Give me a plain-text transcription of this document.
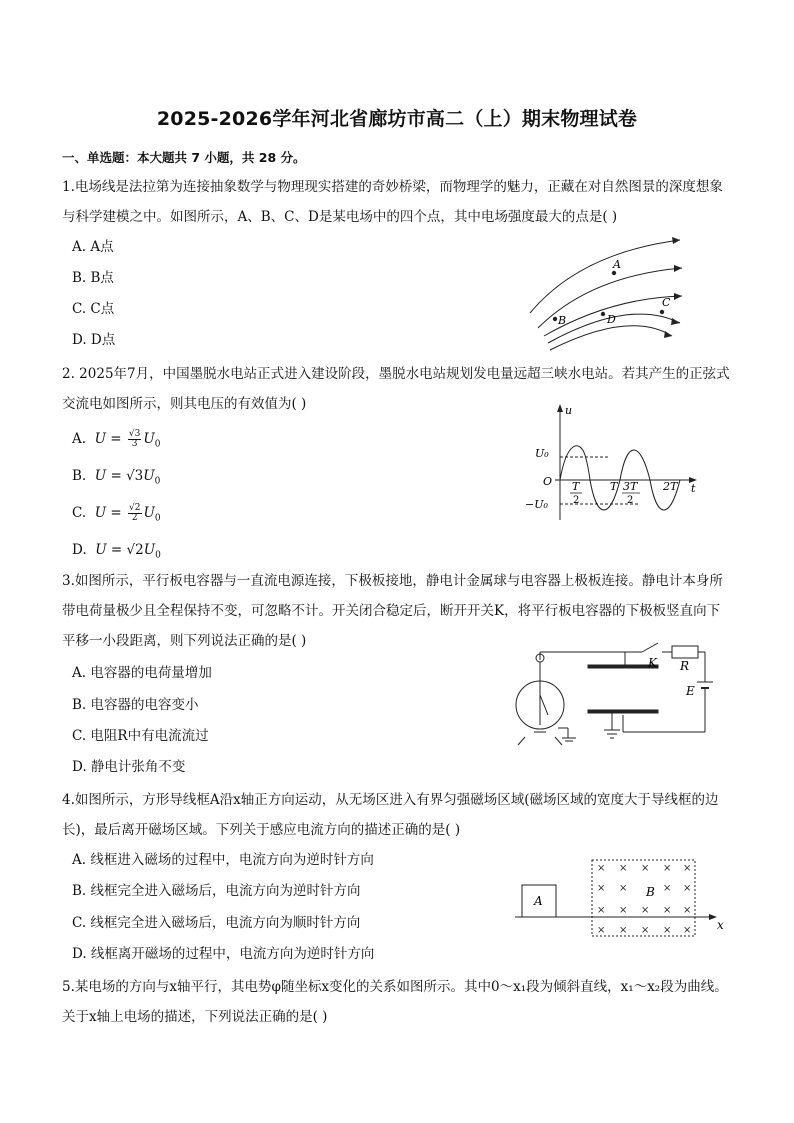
2025-2026学年河北省廊坊市高二（上）期末物理试卷
一、单选题：本大题共 7 小题，共 28 分。
1.电场线是法拉第为连接抽象数学与物理现实搭建的奇妙桥梁，而物理学的魅力，正藏在对自然图景的深度想象与科学建模之中。如图所示，A、B、C、D是某电场中的四个点，其中电场强度最大的点是( )
A. A点
B. B点
C. C点
D. D点
A
B
C
D
2. 2025年7月，中国墨脱水电站正式进入建设阶段，墨脱水电站规划发电量远超三峡水电站。若其产生的正弦式交流电如图所示，则其电压的有效值为( )
A.  $U = \frac{√3}{3} U_0$
B.  $U = √3U_0$
C.  $U = \frac{√2}{2} U_0$
D.  $U = √2U_0$
u
t
U₀
−U₀
O T
2
T 3T
2
2T
3.如图所示，平行板电容器与一直流电源连接，下极板接地，静电计金属球与电容器上极板连接。静电计本身所带电荷量极少且全程保持不变，可忽略不计。开关闭合稳定后，断开开关K，将平行板电容器的下极板竖直向下平移一小段距离，则下列说法正确的是( )
A. 电容器的电荷量增加
B. 电容器的电容变小
C. 电阻R中有电流流过
D. 静电计张角不变
K R
E
4.如图所示，方形导线框A沿x轴正方向运动，从无场区进入有界匀强磁场区域(磁场区域的宽度大于导线框的边长)，最后离开磁场区域。下列关于感应电流方向的描述正确的是( )
A. 线框进入磁场的过程中，电流方向为逆时针方向
B. 线框完全进入磁场后，电流方向为逆时针方向
C. 线框完全进入磁场后，电流方向为顺时针方向
D. 线框离开磁场的过程中，电流方向为逆时针方向
A
x
× × × × ×
× ×	× ×
× × × × ×
× × × × ×
B
5.某电场的方向与x轴平行，其电势φ随坐标x变化的关系如图所示。其中0～x₁段为倾斜直线，x₁～x₂段为曲线。关于x轴上电场的描述，下列说法正确的是( )
